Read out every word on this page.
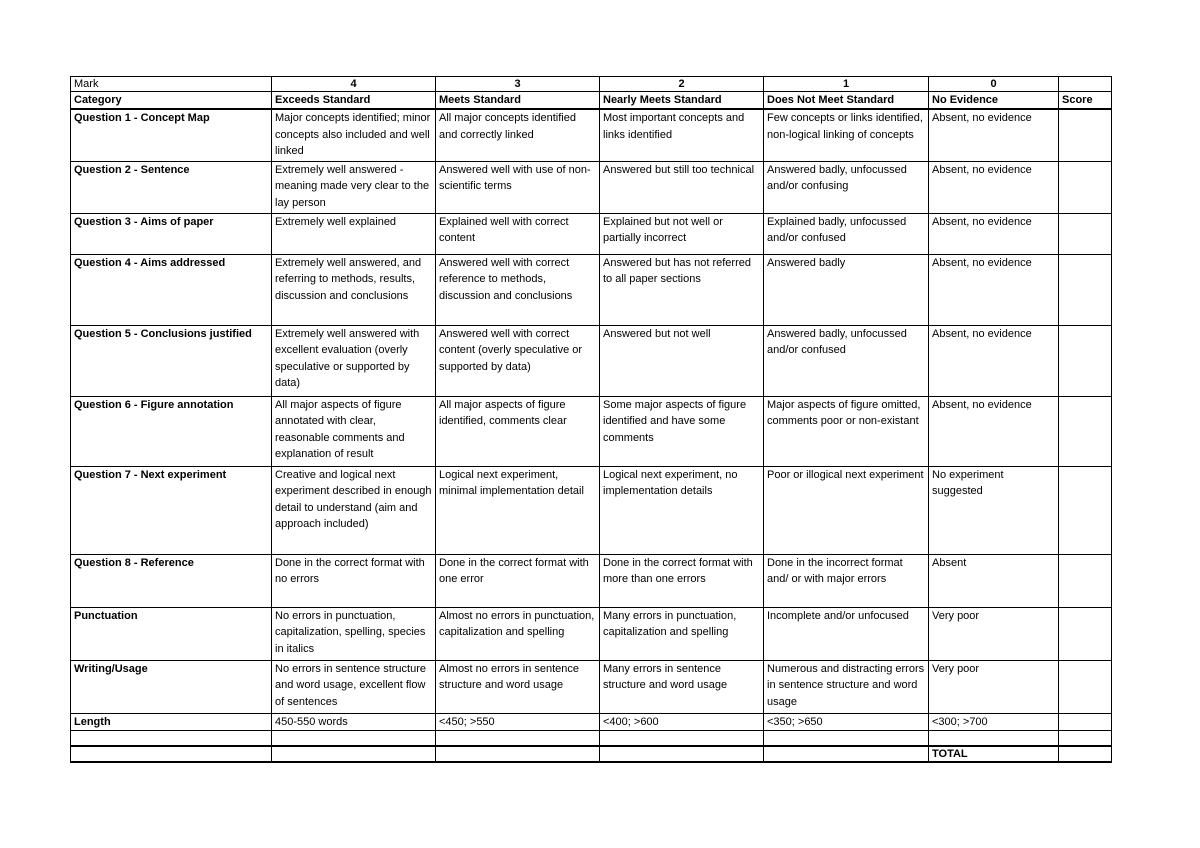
Mark	4	3	2	1	0	
Category	Exceeds Standard	Meets Standard	Nearly Meets Standard	Does Not Meet Standard	No Evidence	Score
Question 1 - Concept Map	Major concepts identified; minor concepts also included and well linked	All major concepts identified and correctly linked	Most important concepts and links identified	Few concepts or links identified, non-logical linking of concepts	Absent, no evidence	
Question 2 - Sentence	Extremely well answered - meaning made very clear to the lay person	Answered well with use of non-scientific terms	Answered but still too technical	Answered badly, unfocussed and/or confusing	Absent, no evidence	
Question 3 - Aims of paper	Extremely well explained	Explained well with correct content	Explained but not well or partially incorrect	Explained badly, unfocussed and/or confused	Absent, no evidence	
Question 4 - Aims addressed	Extremely well answered, and referring to methods, results, discussion and conclusions	Answered well with correct reference to methods, discussion and conclusions	Answered but has not referred to all paper sections	Answered badly	Absent, no evidence	
Question 5 - Conclusions justified	Extremely well answered with excellent evaluation (overly speculative or supported by data)	Answered well with correct content (overly speculative or supported by data)	Answered but not well	Answered badly, unfocussed and/or confused	Absent, no evidence	
Question 6 - Figure annotation	All major aspects of figure annotated with clear, reasonable comments and explanation of result	All major aspects of figure identified, comments clear	Some major aspects of figure identified and have some comments	Major aspects of figure omitted, comments poor or non-existant	Absent, no evidence	
Question 7 - Next experiment	Creative and logical next experiment described in enough detail to understand (aim and approach included)	Logical next experiment, minimal implementation detail	Logical next experiment, no implementation details	Poor or illogical next experiment	No experiment suggested	
Question 8 - Reference	Done in the correct format with no errors	Done in the correct format with one error	Done in the correct format with more than one errors	Done in the incorrect format and/ or with major errors	Absent	
Punctuation	No errors in punctuation, capitalization, spelling, species in italics	Almost no errors in punctuation, capitalization and spelling	Many errors in punctuation, capitalization and spelling	Incomplete and/or unfocused	Very poor	
Writing/Usage	No errors in sentence structure and word usage, excellent flow of sentences	Almost no errors in sentence structure and word usage	Many errors in sentence structure and word usage	Numerous and distracting errors in sentence structure and word usage	Very poor	
Length	450-550 words	<450; >550	<400; >600	<350; >650	<300; >700	

					TOTAL	
